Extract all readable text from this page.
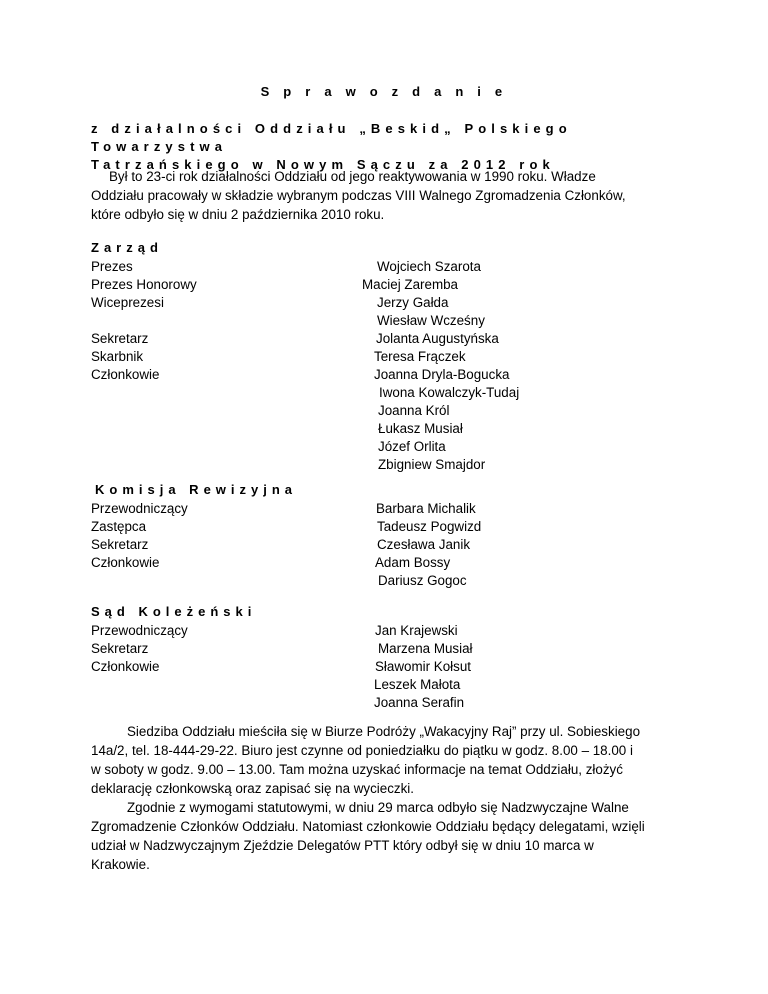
S p r a w o z d a n i e
z działalności Oddziału „Beskid„ Polskiego Towarzystwa
Tatrzańskiego w Nowym Sączu za 2012 rok
Był to 23-ci rok działalności Oddziału od jego reaktywowania w 1990 roku. Władze
Oddziału pracowały w składzie wybranym podczas VIII Walnego Zgromadzenia Członków,
które odbyło się w dniu 2 października 2010 roku.
Zarząd
Prezes	Wojciech Szarota
Prezes Honorowy	Maciej Zaremba
Wiceprezesi	Jerzy Gałda
Wiesław Wcześny
Sekretarz	Jolanta Augustyńska
Skarbnik	Teresa Frączek
Członkowie	Joanna Dryla-Bogucka
Iwona Kowalczyk-Tudaj
Joanna Król
Łukasz Musiał
Józef Orlita
Zbigniew Smajdor
Komisja Rewizyjna
Przewodniczący	Barbara Michalik
Zastępca	Tadeusz Pogwizd
Sekretarz	Czesława Janik
Członkowie	Adam Bossy
Dariusz Gogoc
Sąd Koleżeński
Przewodniczący	Jan Krajewski
Sekretarz	Marzena Musiał
Członkowie	Sławomir Kołsut
Leszek Małota
Joanna Serafin

Siedziba Oddziału mieściła się w Biurze Podróży „Wakacyjny Raj” przy ul. Sobieskiego

14a/2, tel. 18-444-29-22. Biuro jest czynne od poniedziałku do piątku w godz. 8.00 – 18.00 i

w soboty w godz. 9.00 – 13.00. Tam można uzyskać informacje na temat Oddziału, złożyć

deklarację członkowską oraz zapisać się na wycieczki.

Zgodnie z wymogami statutowymi, w dniu 29 marca odbyło się Nadzwyczajne Walne

Zgromadzenie Członków Oddziału. Natomiast członkowie Oddziału będący delegatami, wzięli

udział w Nadzwyczajnym Zjeździe Delegatów PTT który odbył się w dniu 10 marca w

Krakowie.
